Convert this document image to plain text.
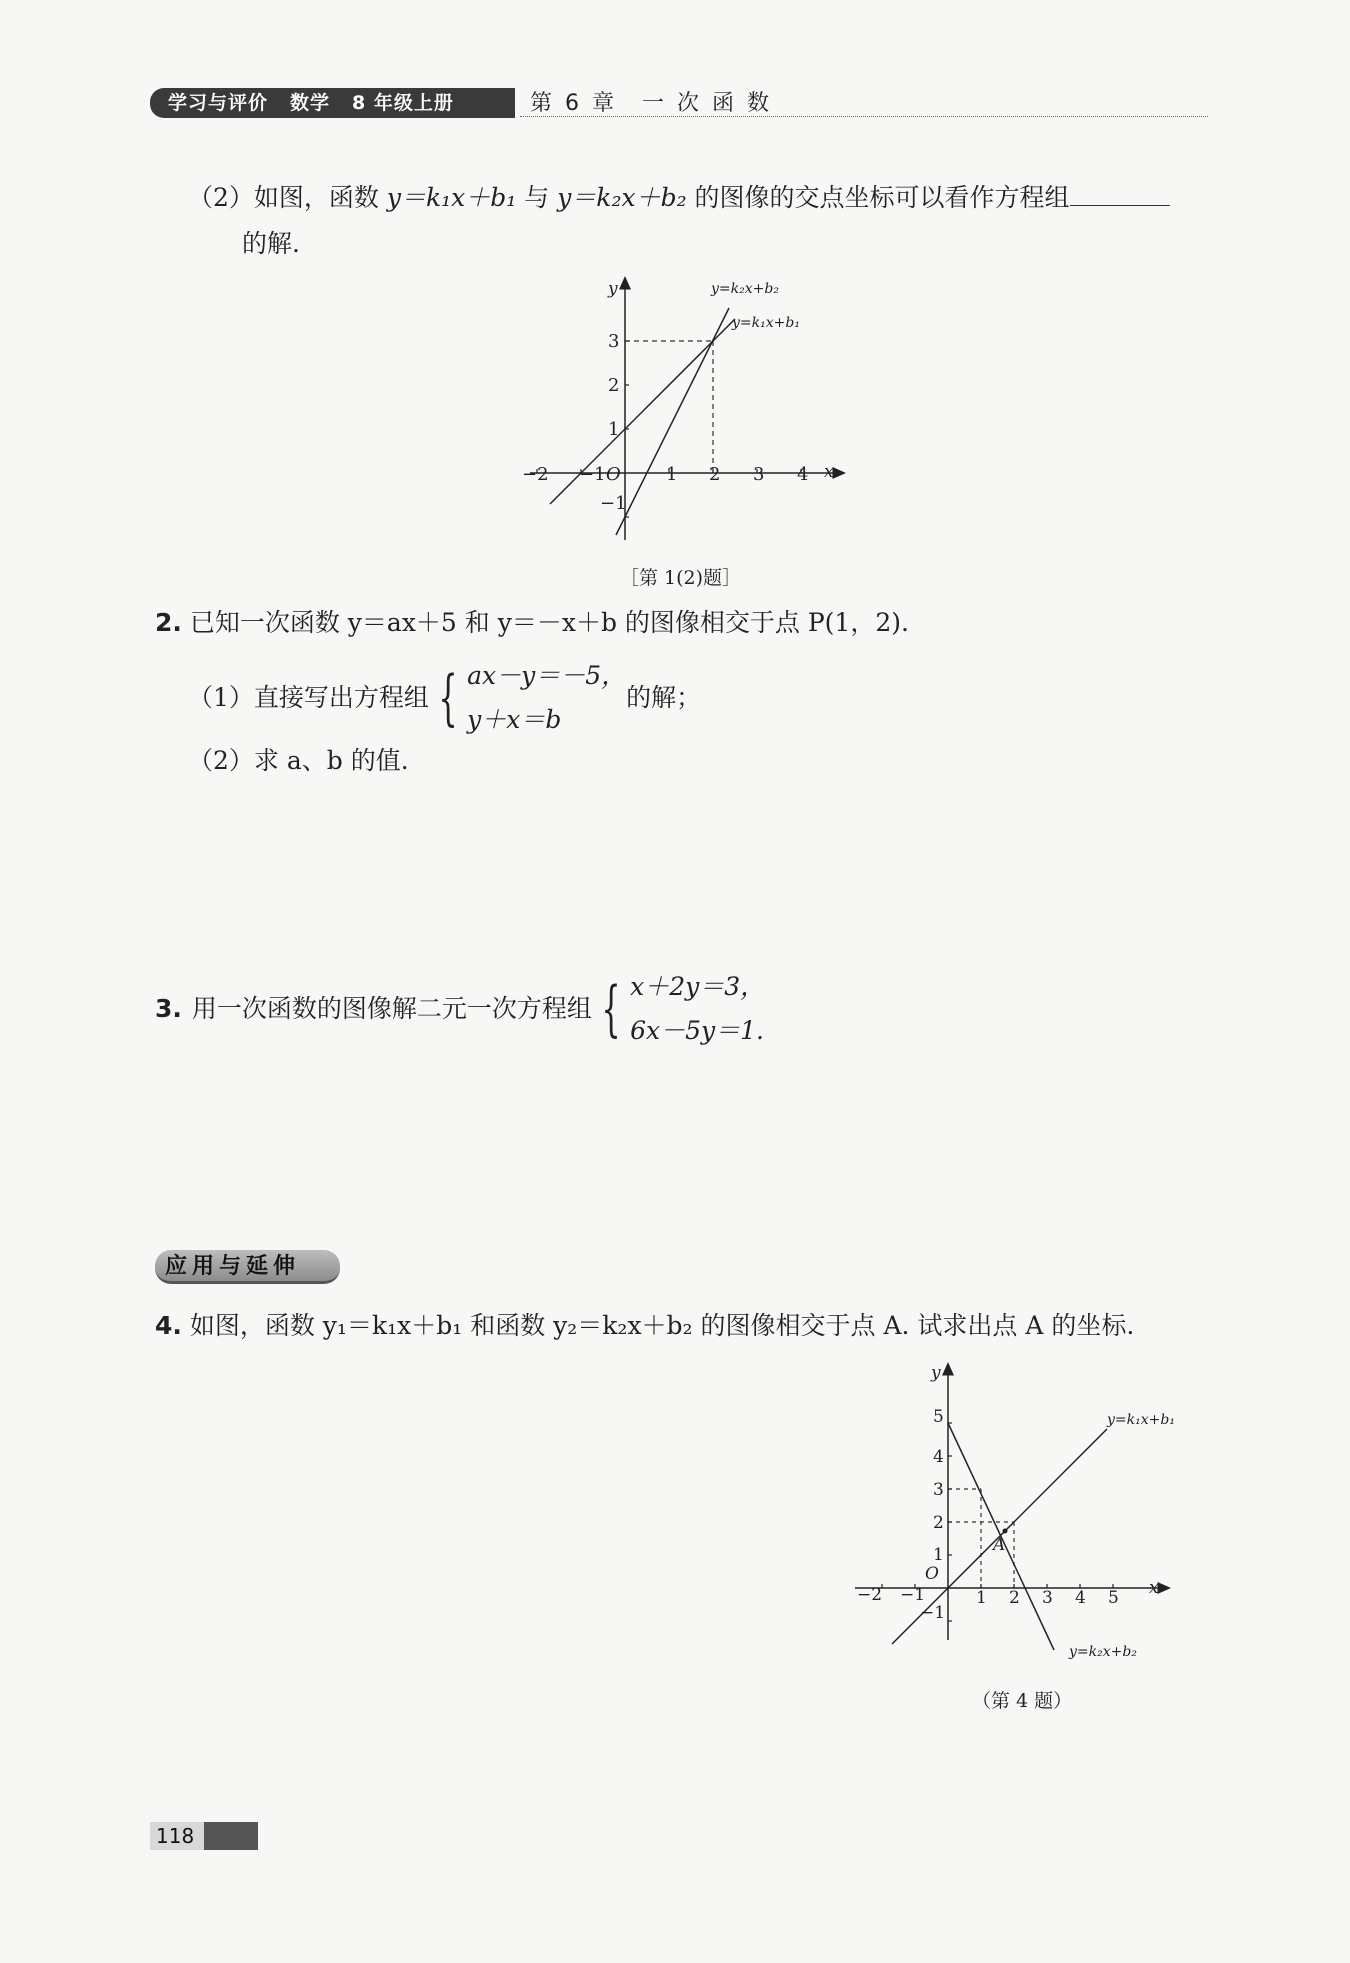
学习与评价 数学 8 年级上册	第 6 章　一 次 函 数
（2）如图，函数 y＝k₁x＋b₁ 与 y＝k₂x＋b₂ 的图像的交点坐标可以看作方程组
的解.
−2 −1	1 2 3 4
3
2
1
−1
O	x
y	y=k₂x+b₂
y=k₁x+b₁
［第 1(2)题］
2. 已知一次函数 y＝ax＋5 和 y＝－x＋b 的图像相交于点 P(1，2).
（1） 直接写出方程组 { ax－y＝－5，
y＋x＝b
的解；
（2）求 a、b 的值.
3. 用一次函数的图像解二元一次方程组 { x＋2y＝3，
6x－5y＝1.
应用与延伸
4. 如图，函数 y₁＝k₁x＋b₁ 和函数 y₂＝k₂x＋b₂ 的图像相交于点 A. 试求出点 A 的坐标.
−2 −1	1 2 3 4 5
5
4
3
2
1
−1
O
A
x
y
y=k₁x+b₁
y=k₂x+b₂
（第 4 题）
118
